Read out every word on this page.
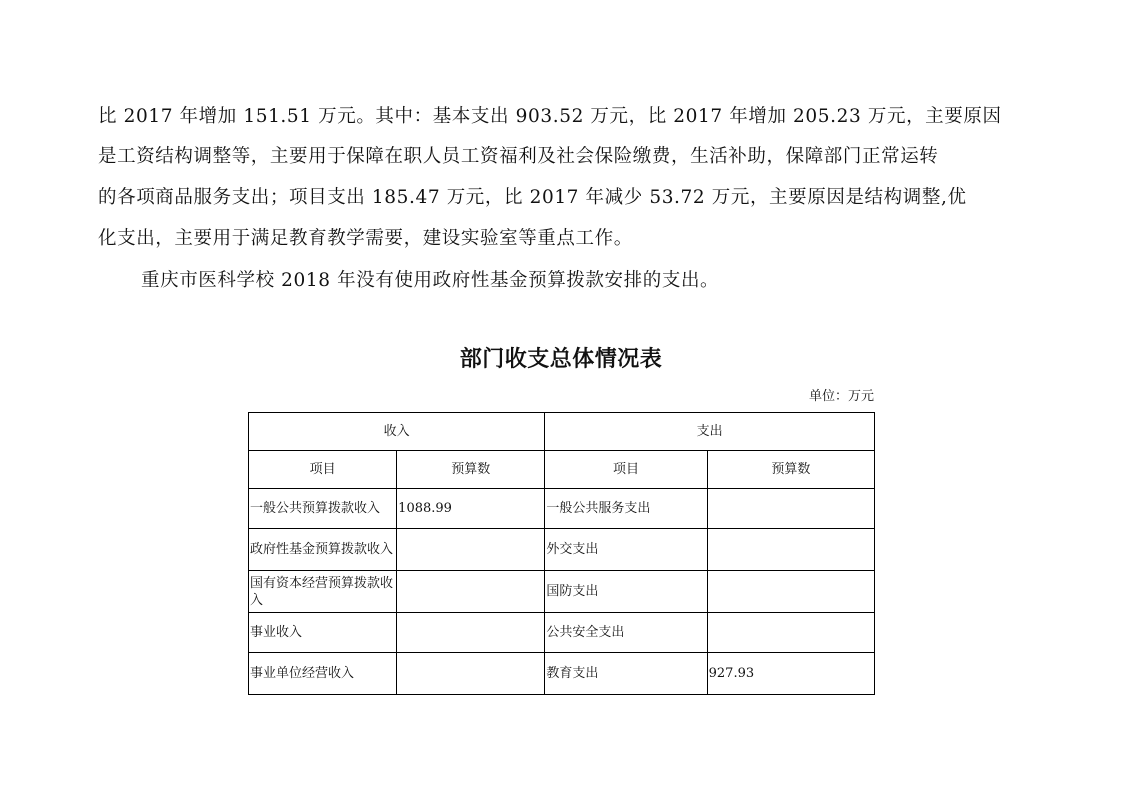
比 2017 年增加 151.51 万元。其中：基本支出 903.52 万元，比 2017 年增加 205.23 万元，主要原因
是工资结构调整等，主要用于保障在职人员工资福利及社会保险缴费，生活补助，保障部门正常运转
的各项商品服务支出；项目支出 185.47 万元，比 2017 年减少 53.72 万元，主要原因是结构调整,优
化支出，主要用于满足教育教学需要，建设实验室等重点工作。
重庆市医科学校 2018 年没有使用政府性基金预算拨款安排的支出。
部门收支总体情况表
单位：万元
收入		支出	
项目	预算数	项目	预算数
一般公共预算拨款收入	1088.99	一般公共服务支出	
政府性基金预算拨款收入		外交支出	
国有资本经营预算拨款收入		国防支出	
事业收入		公共安全支出	
事业单位经营收入		教育支出	927.93
